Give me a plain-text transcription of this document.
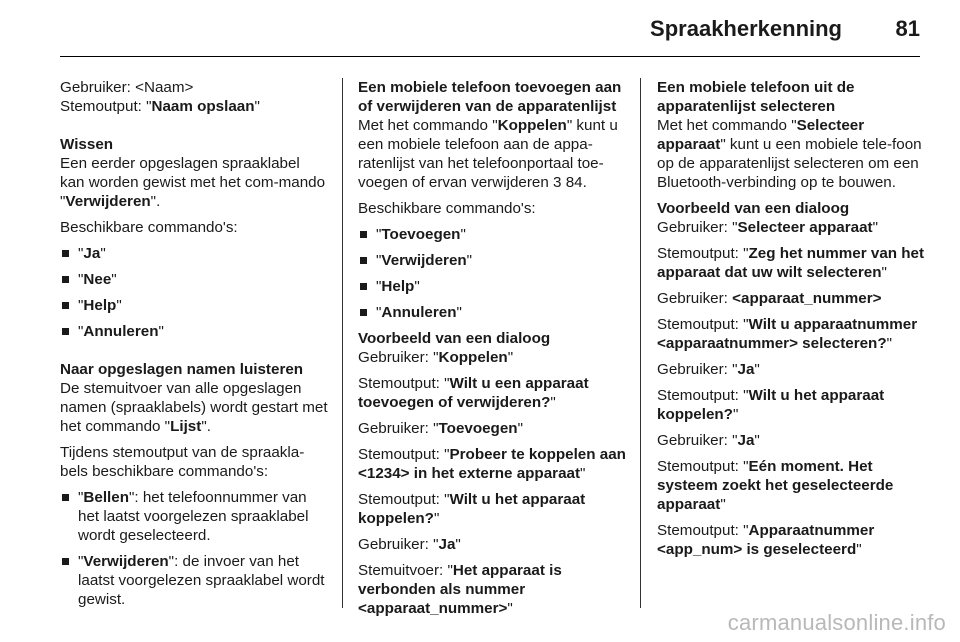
Spraakherkenning 81
Gebruiker: <Naam>
Stemoutput: "Naam opslaan"
Wissen
Een eerder opgeslagen spraaklabel kan worden gewist met het com-mando "Verwijderen".
Beschikbare commando's:
"Ja"
"Nee"
"Help"
"Annuleren"
Naar opgeslagen namen luisteren
De stemuitvoer van alle opgeslagen namen (spraaklabels) wordt gestart met het commando "Lijst".
Tijdens stemoutput van de spraakla-bels beschikbare commando's:
"Bellen": het telefoonnummer van het laatst voorgelezen spraaklabel wordt geselecteerd.
"Verwijderen": de invoer van het laatst voorgelezen spraaklabel wordt gewist.
Een mobiele telefoon toevoegen aan of verwijderen van de apparatenlijst
Met het commando "Koppelen" kunt u een mobiele telefoon aan de appa-ratenlijst van het telefoonportaal toe-voegen of ervan verwijderen 3 84.
Beschikbare commando's:
"Toevoegen"
"Verwijderen"
"Help"
"Annuleren"
Voorbeeld van een dialoog
Gebruiker: "Koppelen"
Stemoutput: "Wilt u een apparaat toevoegen of verwijderen?"
Gebruiker: "Toevoegen"
Stemoutput: "Probeer te koppelen aan <1234> in het externe apparaat"
Stemoutput: "Wilt u het apparaat koppelen?"
Gebruiker: "Ja"
Stemuitvoer: "Het apparaat is verbonden als nummer <apparaat_nummer>"
Een mobiele telefoon uit de apparatenlijst selecteren
Met het commando "Selecteer apparaat" kunt u een mobiele tele-foon op de apparatenlijst selecteren om een Bluetooth-verbinding op te bouwen.
Voorbeeld van een dialoog
Gebruiker: "Selecteer apparaat"
Stemoutput: "Zeg het nummer van het apparaat dat uw wilt selecteren"
Gebruiker: <apparaat_nummer>
Stemoutput: "Wilt u apparaatnummer <apparaatnummer> selecteren?"
Gebruiker: "Ja"
Stemoutput: "Wilt u het apparaat koppelen?"
Gebruiker: "Ja"
Stemoutput: "Eén moment. Het systeem zoekt het geselecteerde apparaat"
Stemoutput: "Apparaatnummer <app_num> is geselecteerd"
carmanualsonline.info
